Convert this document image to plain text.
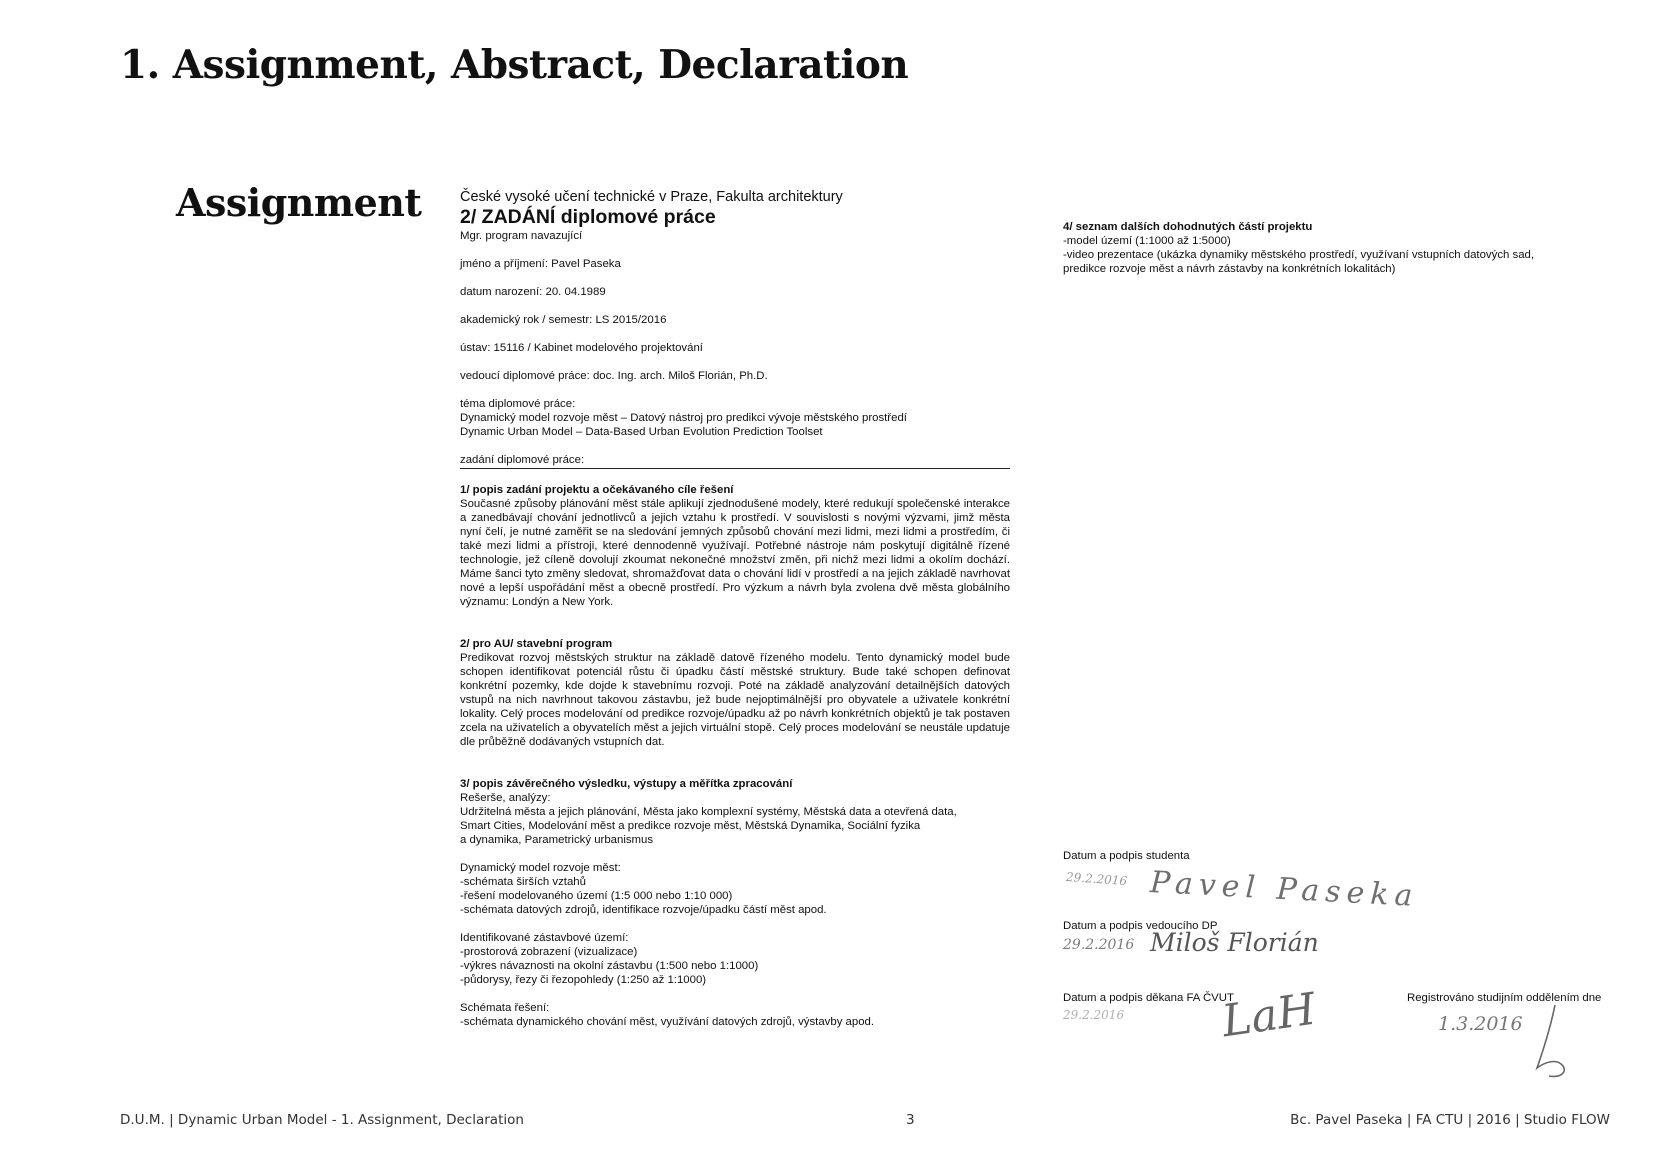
1. Assignment, Abstract, Declaration
Assignment	České vysoké učení technické v Praze, Fakulta architektury
2/ ZADÁNÍ diplomové práce
Mgr. program navazující
jméno a příjmení: Pavel Paseka
datum narození: 20. 04.1989
akademický rok / semestr: LS 2015/2016
ústav: 15116 / Kabinet modelového projektování
vedoucí diplomové práce: doc. Ing. arch. Miloš Florián, Ph.D.
téma diplomové práce:
Dynamický model rozvoje měst – Datový nástroj pro predikci vývoje městského prostředí
Dynamic Urban Model – Data-Based Urban Evolution Prediction Toolset
zadání diplomové práce:
1/ popis zadání projektu a očekávaného cíle řešení
Současné způsoby plánování měst stále aplikují zjednodušené modely, které redukují společenské interakce a zanedbávají chování jednotlivců a jejich vztahu k prostředí. V souvislosti s novými výzvami, jimž města nyní čelí, je nutné zaměřit se na sledování jemných způsobů chování mezi lidmi, mezi lidmi a prostředím, či také mezi lidmi a přístroji, které dennodenně využívají. Potřebné nástroje nám poskytují digitálně řízené technologie, jež cíleně dovolují zkoumat nekonečné množství změn, při nichž mezi lidmi a okolím dochází. Máme šanci tyto změny sledovat, shromažďovat data o chování lidí v prostředí a na jejich základě navrhovat nové a lepší uspořádání měst a obecně prostředí. Pro výzkum a návrh byla zvolena dvě města globálního významu: Londýn a New York.
2/ pro AU/ stavební program
Predikovat rozvoj městských struktur na základě datově řízeného modelu. Tento dynamický model bude schopen identifikovat potenciál růstu či úpadku částí městské struktury. Bude také schopen definovat konkrétní pozemky, kde dojde k stavebnímu rozvoji. Poté na základě analyzování detailnějších datových vstupů na nich navrhnout takovou zástavbu, jež bude nejoptimálnější pro obyvatele a uživatele konkrétní lokality. Celý proces modelování od predikce rozvoje/úpadku až po návrh konkrétních objektů je tak postaven zcela na uživatelích a obyvatelích měst a jejich virtuální stopě. Celý proces modelování se neustále updatuje dle průběžně dodávaných vstupních dat.
3/ popis závěrečného výsledku, výstupy a měřítka zpracování
Rešerše, analýzy:
Udržitelná města a jejich plánování, Města jako komplexní systémy, Městská data a otevřená data,
Smart Cities, Modelování měst a predikce rozvoje měst, Městská Dynamika, Sociální fyzika
a dynamika, Parametrický urbanismus
Dynamický model rozvoje měst:
-schémata širších vztahů
-řešení modelovaného území (1:5 000 nebo 1:10 000)
-schémata datových zdrojů, identifikace rozvoje/úpadku částí měst apod.
Identifikované zástavbové území:
-prostorová zobrazení (vizualizace)
-výkres návaznosti na okolní zástavbu (1:500 nebo 1:1000)
-půdorysy, řezy či řezopohledy (1:250 až 1:1000)
Schémata řešení:
-schémata dynamického chování měst, využívání datových zdrojů, výstavby apod.
4/ seznam dalších dohodnutých částí projektu
-model území (1:1000 až 1:5000)
-video prezentace (ukázka dynamiky městského prostředí, využívaní vstupních datových sad,
predikce rozvoje měst a návrh zástavby na konkrétních lokalitách)
Datum a podpis studenta
29.2.2016 Pavel Paseka
Datum a podpis vedoucího DP
29.2.2016 Miloš Florián
Datum a podpis děkana FA ČVUT
29.2.2016 LaH	Registrováno studijním oddělením dne
1.3.2016
D.U.M. | Dynamic Urban Model - 1. Assignment, Declaration	3	Bc. Pavel Paseka | FA CTU | 2016 | Studio FLOW
